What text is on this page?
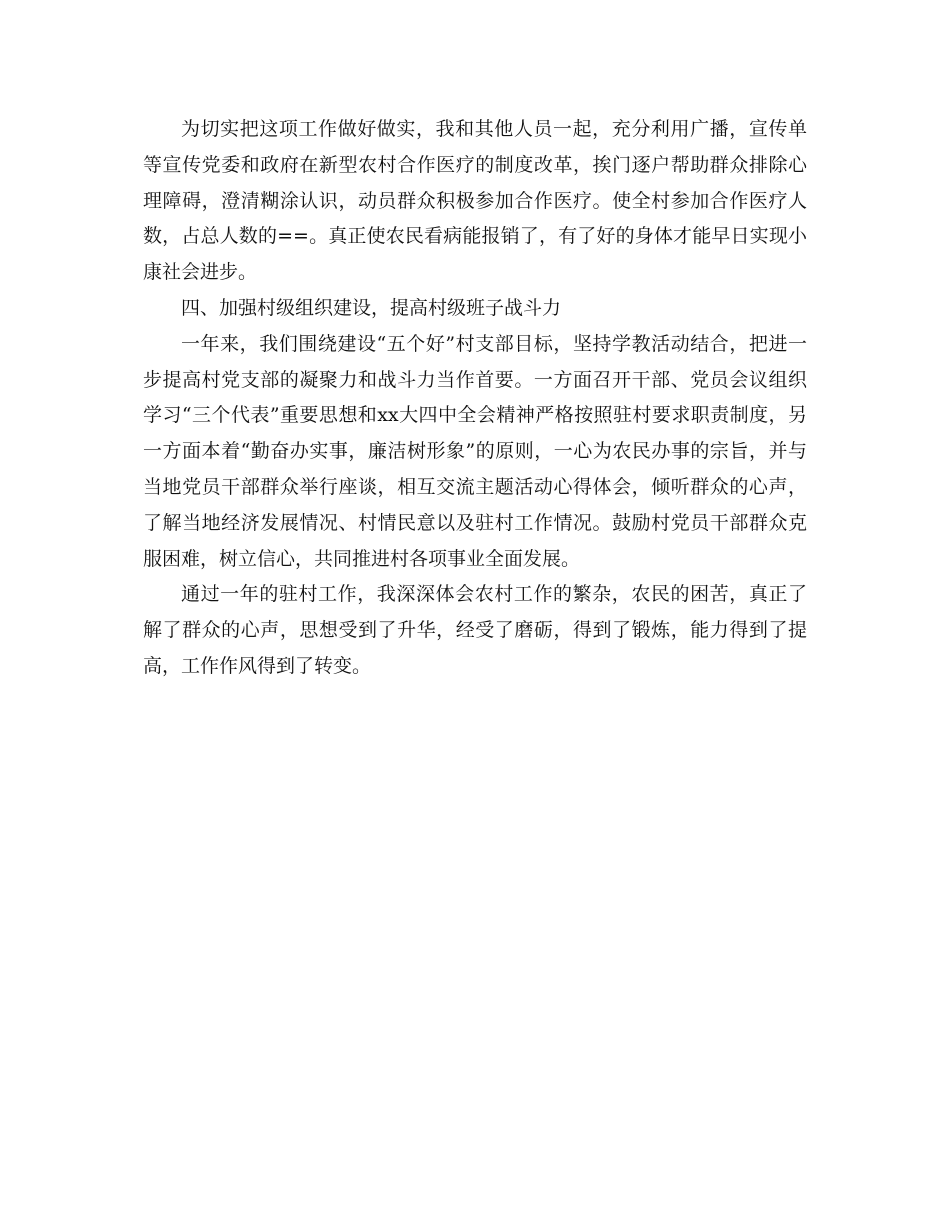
为切实把这项工作做好做实，我和其他人员一起，充分利用广播，宣传单等宣传党委和政府在新型农村合作医疗的制度改革，挨门逐户帮助群众排除心理障碍，澄清糊涂认识，动员群众积极参加合作医疗。使全村参加合作医疗人数，占总人数的==。真正使农民看病能报销了，有了好的身体才能早日实现小康社会进步。

四、加强村级组织建设，提高村级班子战斗力

一年来，我们围绕建设“五个好”村支部目标，坚持学教活动结合，把进一步提高村党支部的凝聚力和战斗力当作首要。一方面召开干部、党员会议组织学习“三个代表”重要思想和xx大四中全会精神严格按照驻村要求职责制度，另一方面本着“勤奋办实事，廉洁树形象”的原则，一心为农民办事的宗旨，并与当地党员干部群众举行座谈，相互交流主题活动心得体会，倾听群众的心声，了解当地经济发展情况、村情民意以及驻村工作情况。鼓励村党员干部群众克服困难，树立信心，共同推进村各项事业全面发展。

通过一年的驻村工作，我深深体会农村工作的繁杂，农民的困苦，真正了解了群众的心声，思想受到了升华，经受了磨砺，得到了锻炼，能力得到了提高，工作作风得到了转变。
